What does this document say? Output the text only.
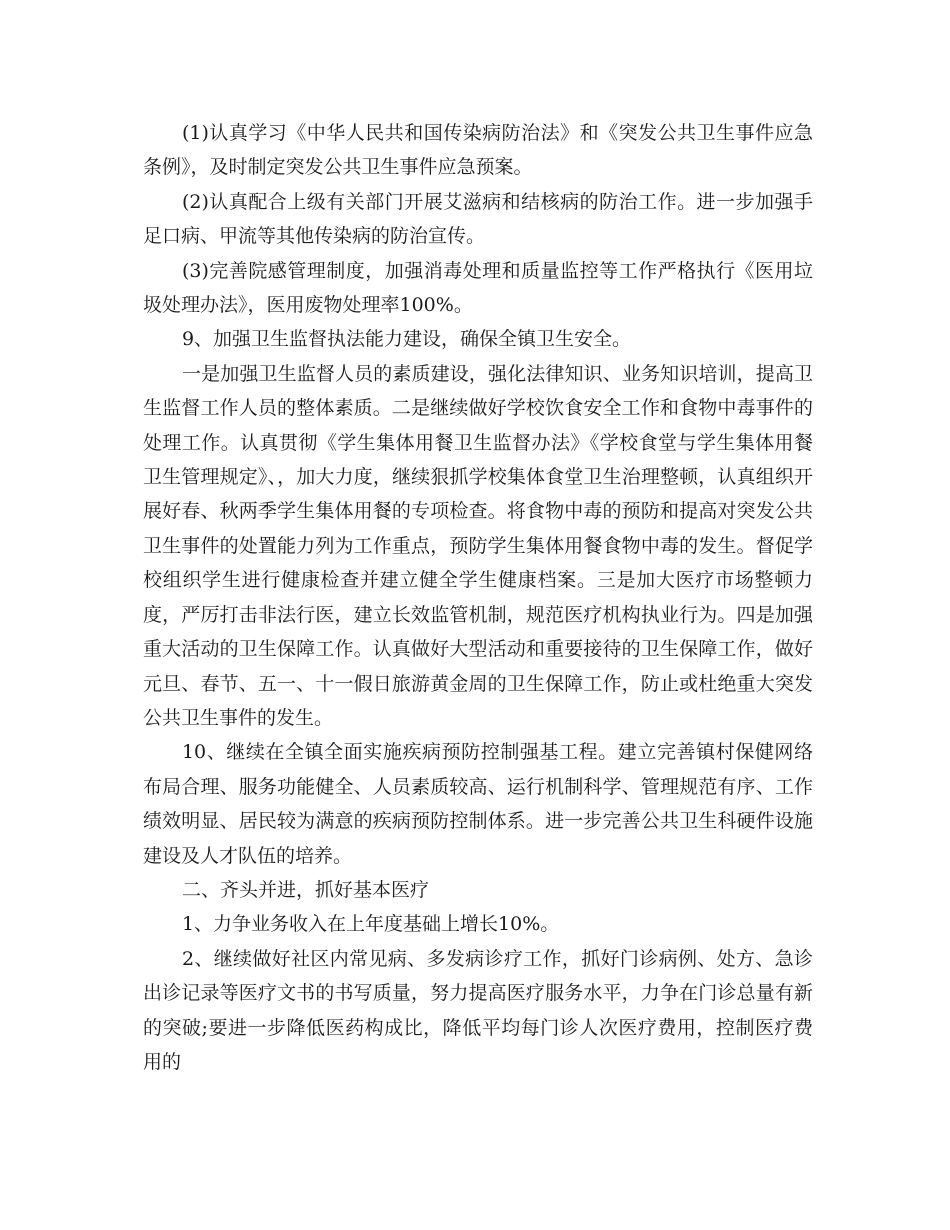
(1)认真学习《中华人民共和国传染病防治法》和《突发公共卫生事件应急条例》，及时制定突发公共卫生事件应急预案。

(2)认真配合上级有关部门开展艾滋病和结核病的防治工作。进一步加强手足口病、甲流等其他传染病的防治宣传。

(3)完善院感管理制度，加强消毒处理和质量监控等工作严格执行《医用垃圾处理办法》，医用废物处理率100%。

9、加强卫生监督执法能力建设，确保全镇卫生安全。

一是加强卫生监督人员的素质建设，强化法律知识、业务知识培训，提高卫生监督工作人员的整体素质。二是继续做好学校饮食安全工作和食物中毒事件的处理工作。认真贯彻《学生集体用餐卫生监督办法》《学校食堂与学生集体用餐卫生管理规定》、，加大力度，继续狠抓学校集体食堂卫生治理整顿，认真组织开展好春、秋两季学生集体用餐的专项检查。将食物中毒的预防和提高对突发公共卫生事件的处置能力列为工作重点，预防学生集体用餐食物中毒的发生。督促学校组织学生进行健康检查并建立健全学生健康档案。三是加大医疗市场整顿力度，严厉打击非法行医，建立长效监管机制，规范医疗机构执业行为。四是加强重大活动的卫生保障工作。认真做好大型活动和重要接待的卫生保障工作，做好元旦、春节、五一、十一假日旅游黄金周的卫生保障工作，防止或杜绝重大突发公共卫生事件的发生。

10、继续在全镇全面实施疾病预防控制强基工程。建立完善镇村保健网络布局合理、服务功能健全、人员素质较高、运行机制科学、管理规范有序、工作绩效明显、居民较为满意的疾病预防控制体系。进一步完善公共卫生科硬件设施建设及人才队伍的培养。

二、齐头并进，抓好基本医疗

1、力争业务收入在上年度基础上增长10%。

2、继续做好社区内常见病、多发病诊疗工作，抓好门诊病例、处方、急诊出诊记录等医疗文书的书写质量，努力提高医疗服务水平，力争在门诊总量有新的突破;要进一步降低医药构成比，降低平均每门诊人次医疗费用，控制医疗费用的
